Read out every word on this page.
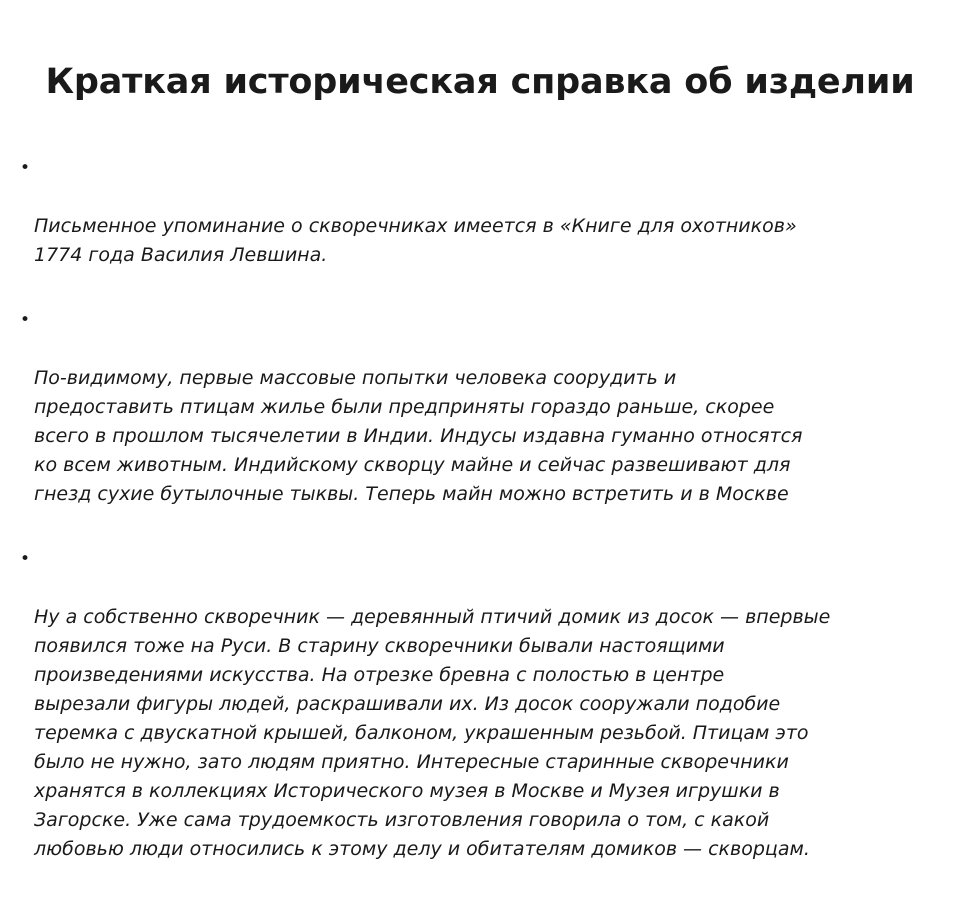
Краткая историческая справка об изделии

•

Письменное упоминание о скворечниках имеется в «Книге для охотников»
1774 года Василия Левшина.

•

По-видимому, первые массовые попытки человека соорудить и
предоставить птицам жилье были предприняты гораздо раньше, скорее
всего в прошлом тысячелетии в Индии. Индусы издавна гуманно относятся
ко всем животным. Индийскому скворцу майне и сейчас развешивают для
гнезд сухие бутылочные тыквы. Теперь майн можно встретить и в Москве

•

Ну а собственно скворечник — деревянный птичий домик из досок — впервые
появился тоже на Руси. В старину скворечники бывали настоящими
произведениями искусства. На отрезке бревна с полостью в центре
вырезали фигуры людей, раскрашивали их. Из досок сооружали подобие
теремка с двускатной крышей, балконом, украшенным резьбой. Птицам это
было не нужно, зато людям приятно. Интересные старинные скворечники
хранятся в коллекциях Исторического музея в Москве и Музея игрушки в
Загорске. Уже сама трудоемкость изготовления говорила о том, с какой
любовью люди относились к этому делу и обитателям домиков — скворцам.
